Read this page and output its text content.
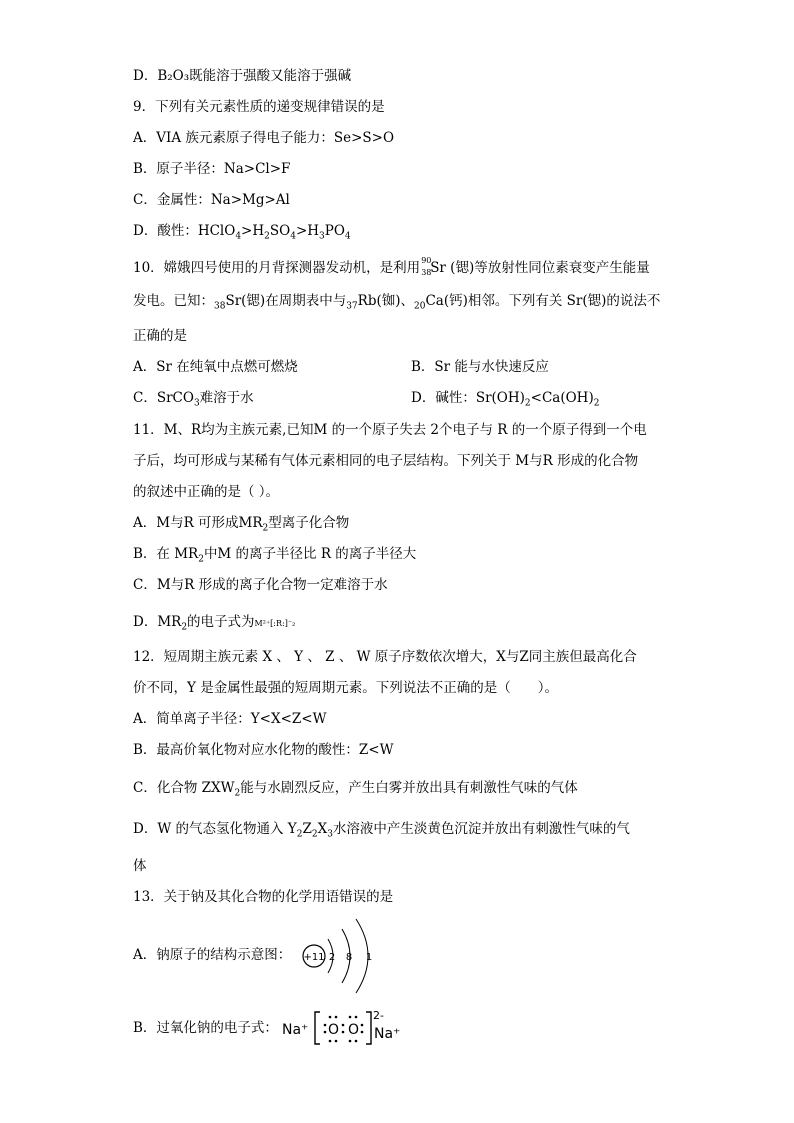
D．B₂O₃既能溶于强酸又能溶于强碱
9．下列有关元素性质的递变规律错误的是
A．VIA 族元素原子得电子能力：Se>S>O
B．原子半径：Na>Cl>F
C．金属性：Na>Mg>Al
D．酸性：$HClO_4>H_2SO_4>H_3PO_4$
10．嫦娥四号使用的月背探测器发动机，是利用 90
38
Sr (锶)等放射性同位素衰变产生能量
发电。已知：$_{38}$Sr(锶)在周期表中与$_{37}$Rb(铷)、$_{20}$Ca(钙)相邻。下列有关 Sr(锶)的说法不
正确的是
A．Sr 在纯氧中点燃可燃烧	B．Sr 能与水快速反应
C．SrCO$_3$难溶于水	D．碱性：$Sr(OH)_2<Ca(OH)_2$
11．M、R均为主族元素,已知M 的一个原子失去 2个电子与 R 的一个原子得到一个电
子后，均可形成与某稀有气体元素相同的电子层结构。下列关于 M与R 形成的化合物
的叙述中正确的是（ ）。
A．M与R 可形成$MR_2$型离子化合物
B．在 $MR_2$中M 的离子半径比 R 的离子半径大
C．M与R 形成的离子化合物一定难溶于水
D．$MR_2$的电子式为M²⁺[:R:]⁻₂
12．短周期主族元素 X 、 Y 、 Z 、 W 原子序数依次增大，X与Z同主族但最高化合
价不同，Y 是金属性最强的短周期元素。下列说法不正确的是（　　）。
A．简单离子半径：Y<X<Z<W
B．最高价氧化物对应水化物的酸性：Z<W
C．化合物 $ZXW_2$能与水剧烈反应，产生白雾并放出具有刺激性气味的气体
D．W 的气态氢化物通入 $Y_2Z_2X_3$水溶液中产生淡黄色沉淀并放出有刺激性气味的气
体
13．关于钠及其化合物的化学用语错误的是
A．钠原子的结构示意图： +11 2 8 1
B．过氧化钠的电子式： Na⁺ O O
2-
Na⁺
